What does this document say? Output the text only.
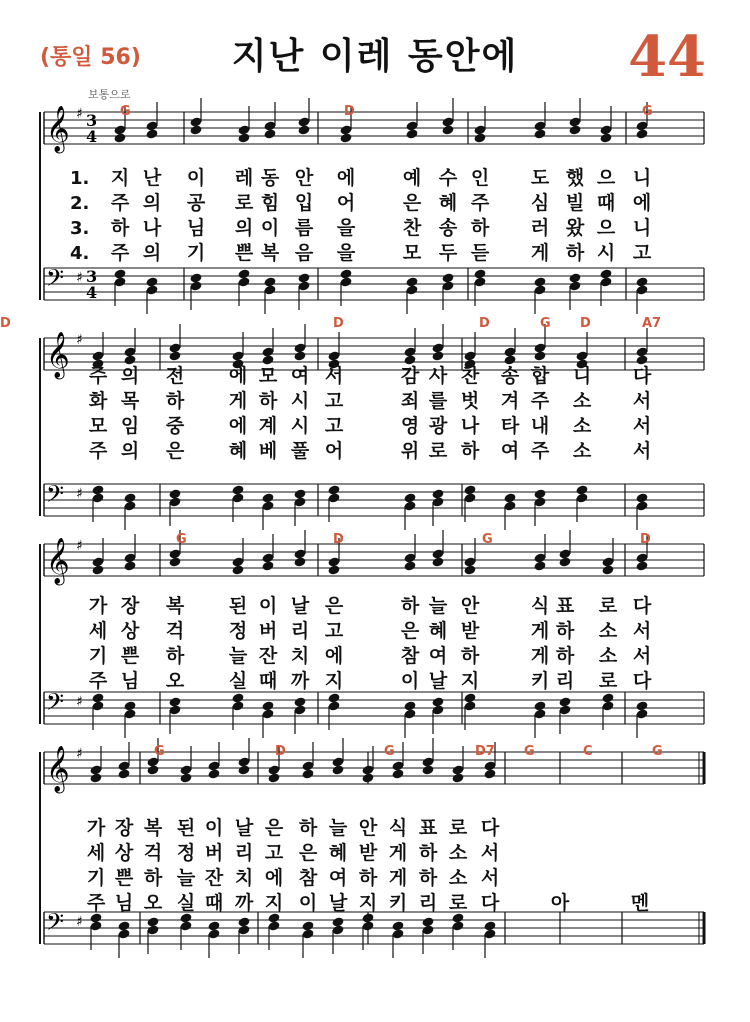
(통일 56)	지난 이레 동안에	44
보통으로
𝄞 ♯ 3
4
𝄢 ♯ 3
4
𝄞 ♯
𝄢 ♯
𝄞 ♯
𝄢 ♯
𝄞 ♯
𝄢 ♯
G	D	G
1. 지 난 이 레 동 안 에	예 수 인 도 했 으 니
2. 주 의 공 로 힘 입 어	은 혜 주 심 빌 때 에
3. 하 나 님 의 이 름 을	찬 송 하 러 왔 으 니
4. 주 의 기 쁜 복 음 을	모 두 듣 게 하 시 고
D	D	G D	A7
D
주 의 전 에 모 여 서	감 사 찬 송 합 니 다
화 목 하 게 하 시 고	죄 를 벗 겨 주 소 서
모 임 중 에 계 시 고	영 광 나 타 내 소 서
주 의 은 혜 베 풀 어	위 로 하 여 주 소 서
G	D	G	D
가 장 복 된 이 날 은	하 늘 안	식 표 로 다
세 상 걱 정 버 리 고	은 혜 받	게 하 소 서
기 쁜 하 늘 잔 치 에	참 여 하	게 하 소 서
주 님 오 실 때 까 지	이 날 지	키 리 로 다
G	D	G	D7 G	C	G
가 장 복 된 이 날 은 하 늘 안 식 표 로 다
세 상 걱 정 버 리 고 은 혜 받 게 하 소 서
기 쁜 하 늘 잔 치 에 참 여 하 게 하 소 서
주 님 오 실 때 까 지 이 날 지 키 리 로 다	아	멘
